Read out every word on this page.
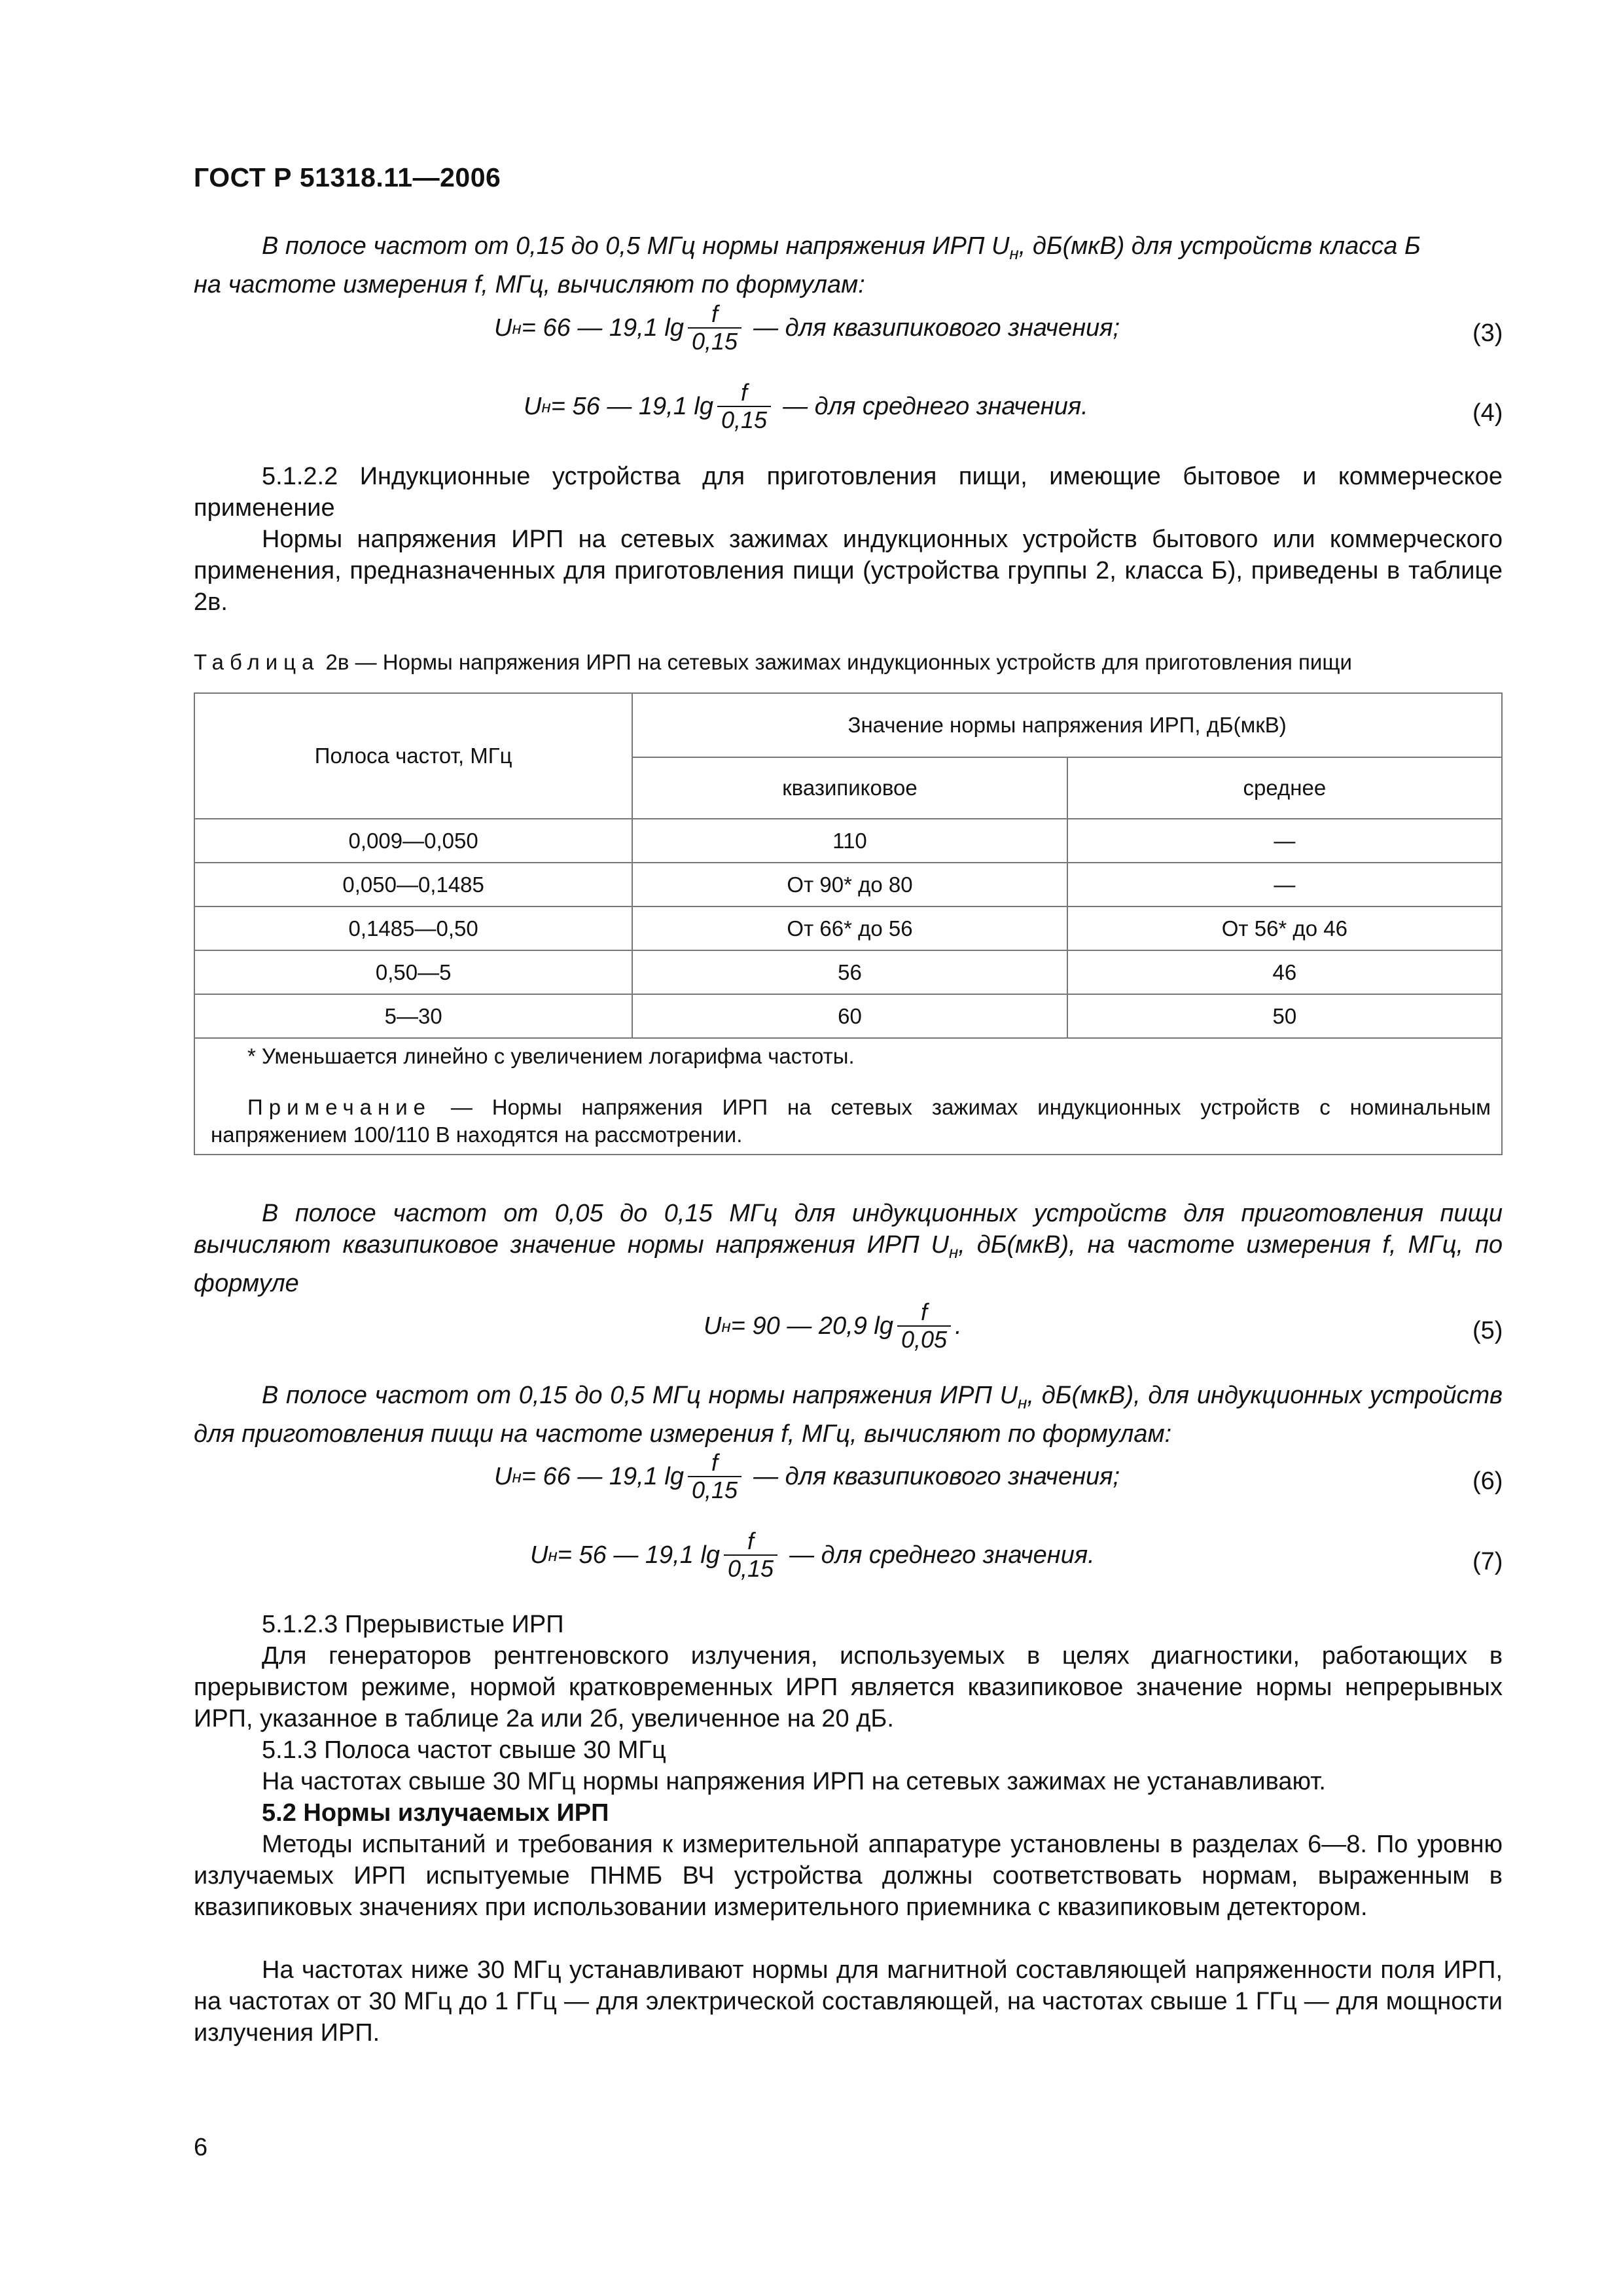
ГОСТ Р 51318.11—2006
В полосе частот от 0,15 до 0,5 МГц нормы напряжения ИРП $U_н$, дБ(мкВ) для устройств класса Б
на частоте измерения f, МГц, вычисляют по формулам:
U н = 66 — 19,1 $\lg \frac{f}{0,15}$ — для квазипикового значения;	(3)
U н = 56 — 19,1 $\lg \frac{f}{0,15}$ — для среднего значения.	(4)
5.1.2.2 Индукционные устройства для приготовления пищи, имеющие бытовое и коммерческое применение
Нормы напряжения ИРП на сетевых зажимах индукционных устройств бытового или коммерческого применения, предназначенных для приготовления пищи (устройства группы 2, класса Б), приведены в таблице 2в.
Таблица 2в — Нормы напряжения ИРП на сетевых зажимах индукционных устройств для приготовления пищи
Полоса частот, МГц	Значение нормы напряжения ИРП, дБ(мкВ)	
	квазипиковое	среднее
0,009—0,050	110	—
0,050—0,1485	От 90* до 80	—
0,1485—0,50	От 66* до 56	От 56* до 46
0,50—5	56	46
5—30	60	50
* Уменьшается линейно с увеличением логарифма частоты.
Примечание — Нормы напряжения ИРП на сетевых зажимах индукционных устройств с номинальным
напряжением 100/110 В находятся на рассмотрении.
В полосе частот от 0,05 до 0,15 МГц для индукционных устройств для приготовления пищи вычисляют квазипиковое значение нормы напряжения ИРП $U_н$, дБ(мкВ), на частоте измерения f, МГц, по формуле
U н = 90 — 20,9 $\lg \frac{f}{0,05}$ .	(5)
В полосе частот от 0,15 до 0,5 МГц нормы напряжения ИРП $U_н$, дБ(мкВ), для индукционных устройств для приготовления пищи на частоте измерения f, МГц, вычисляют по формулам:
U н = 66 — 19,1 $\lg \frac{f}{0,15}$ — для квазипикового значения;	(6)
U н = 56 — 19,1 $\lg \frac{f}{0,15}$ — для среднего значения.	(7)
5.1.2.3 Прерывистые ИРП
Для генераторов рентгеновского излучения, используемых в целях диагностики, работающих в прерывистом режиме, нормой кратковременных ИРП является квазипиковое значение нормы непрерывных ИРП, указанное в таблице 2а или 2б, увеличенное на 20 дБ.
5.1.3 Полоса частот свыше 30 МГц
На частотах свыше 30 МГц нормы напряжения ИРП на сетевых зажимах не устанавливают.
5.2 Нормы излучаемых ИРП
Методы испытаний и требования к измерительной аппаратуре установлены в разделах 6—8. По уровню излучаемых ИРП испытуемые ПНМБ ВЧ устройства должны соответствовать нормам, выраженным в квазипиковых значениях при использовании измерительного приемника с квазипиковым детектором.
На частотах ниже 30 МГц устанавливают нормы для магнитной составляющей напряженности поля ИРП, на частотах от 30 МГц до 1 ГГц — для электрической составляющей, на частотах свыше 1 ГГц — для мощности излучения ИРП.
6
